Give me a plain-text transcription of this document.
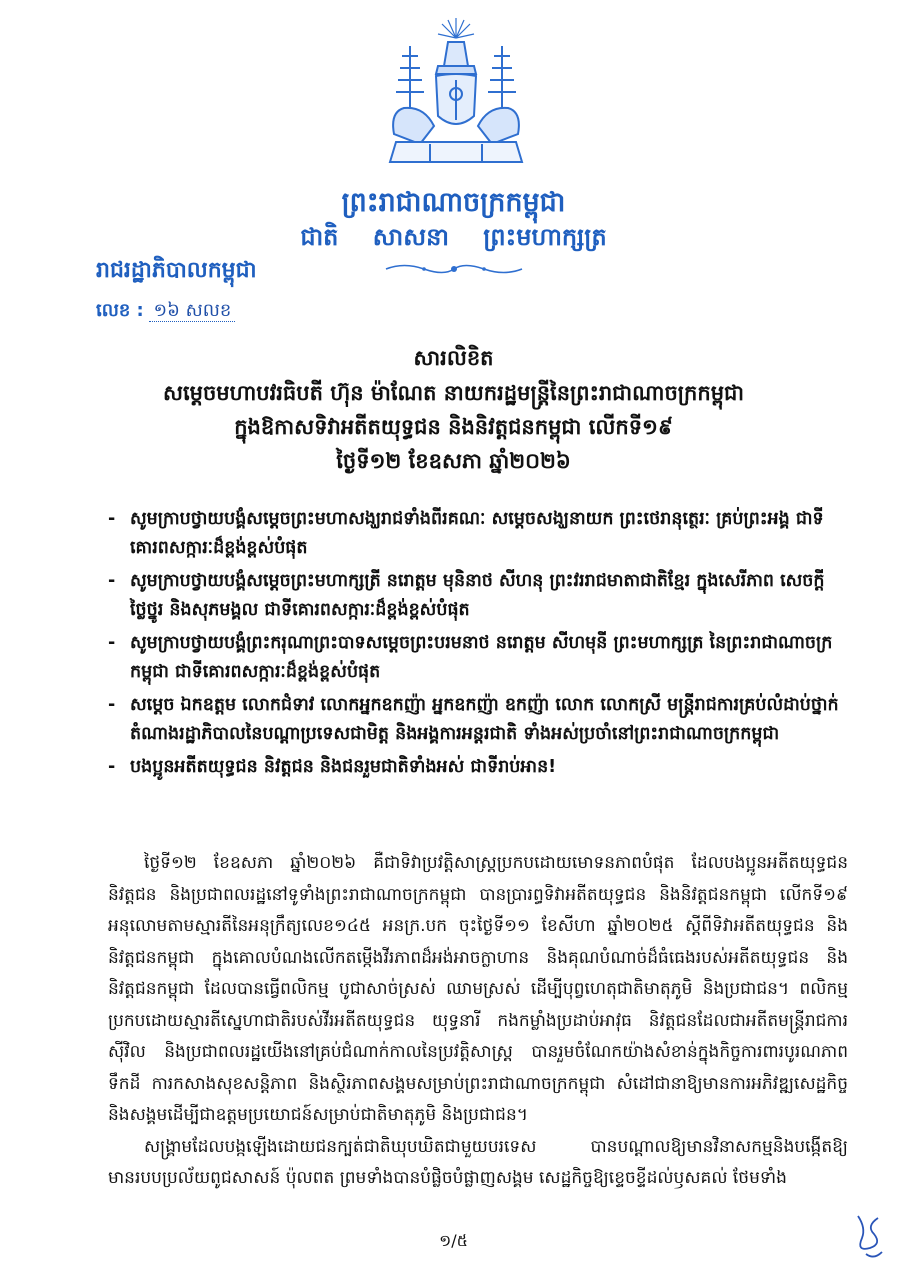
ព្រះរាជាណាចក្រកម្ពុជា
ជាតិ សាសនា ព្រះមហាក្សត្រ
រាជរដ្ឋាភិបាលកម្ពុជា
លេខ : ១៦ សលខ
សារលិខិត
សម្តេចមហាបវរធិបតី ហ៊ុន ម៉ាណែត នាយករដ្ឋមន្ត្រីនៃព្រះរាជាណាចក្រកម្ពុជា
ក្នុងឱកាសទិវាអតីតយុទ្ធជន និងនិវត្តជនកម្ពុជា លើកទី១៩
ថ្ងៃទី១២ ខែឧសភា ឆ្នាំ២០២៦
- សូមក្រាបថ្វាយបង្គំសម្តេចព្រះមហាសង្ឃរាជទាំងពីរគណៈ សម្តេចសង្ឃនាយក ព្រះថេរានុត្ថេរៈ គ្រប់ព្រះអង្គ ជាទីគោរពសក្ការៈដ៏ខ្ពង់ខ្ពស់បំផុត
- សូមក្រាបថ្វាយបង្គំសម្តេចព្រះមហាក្សត្រី នរោត្តម មុនិនាថ សីហនុ ព្រះវររាជមាតាជាតិខ្មែរ ក្នុងសេរីភាព សេចក្តីថ្លៃថ្នូរ និងសុភមង្គល ជាទីគោរពសក្ការៈដ៏ខ្ពង់ខ្ពស់បំផុត
- សូមក្រាបថ្វាយបង្គំព្រះករុណាព្រះបាទសម្តេចព្រះបរមនាថ នរោត្តម សីហមុនី ព្រះមហាក្សត្រ នៃព្រះរាជាណាចក្រកម្ពុជា ជាទីគោរពសក្ការៈដ៏ខ្ពង់ខ្ពស់បំផុត
- សម្តេច ឯកឧត្តម លោកជំទាវ លោកអ្នកឧកញ៉ា អ្នកឧកញ៉ា ឧកញ៉ា លោក លោកស្រី មន្ត្រីរាជការគ្រប់លំដាប់ថ្នាក់ តំណាងរដ្ឋាភិបាលនៃបណ្តាប្រទេសជាមិត្ត និងអង្គការអន្តរជាតិ ទាំងអស់ប្រចាំនៅព្រះរាជាណាចក្រកម្ពុជា
- បងប្អូនអតីតយុទ្ធជន និវត្តជន និងជនរួមជាតិទាំងអស់ ជាទីរាប់អាន!

ថ្ងៃទី១២ ខែឧសភា ឆ្នាំ២០២៦ គឺជាទិវាប្រវត្តិសាស្ត្រប្រកបដោយមោទនភាពបំផុត ដែលបងប្អូនអតីតយុទ្ធជន និវត្តជន និងប្រជាពលរដ្ឋនៅទូទាំងព្រះរាជាណាចក្រកម្ពុជា បានប្រារព្ធទិវាអតីតយុទ្ធជន និងនិវត្តជនកម្ពុជា លើកទី១៩ អនុលោមតាមស្មារតីនៃអនុក្រឹត្យលេខ១៤៥ អនក្រ.បក ចុះថ្ងៃទី១១ ខែសីហា ឆ្នាំ២០២៥ ស្តីពីទិវាអតីតយុទ្ធជន និងនិវត្តជនកម្ពុជា ក្នុងគោលបំណងលើកតម្កើងវីរភាពដ៏អង់អាចក្លាហាន និងគុណបំណាច់ដ៏ធំធេងរបស់អតីតយុទ្ធជន និងនិវត្តជនកម្ពុជា ដែលបានធ្វើពលិកម្ម បូជាសាច់ស្រស់ ឈាមស្រស់ ដើម្បីបុព្វហេតុជាតិមាតុភូមិ និងប្រជាជន។ ពលិកម្មប្រកបដោយស្មារតីស្នេហាជាតិរបស់វីរអតីតយុទ្ធជន យុទ្ធនារី កងកម្លាំងប្រដាប់អាវុធ និវត្តជនដែលជាអតីតមន្ត្រីរាជការស៊ីវិល និងប្រជាពលរដ្ឋយើងនៅគ្រប់ជំណាក់កាលនៃប្រវត្តិសាស្ត្រ បានរួមចំណែកយ៉ាងសំខាន់ក្នុងកិច្ចការពារបូរណភាពទឹកដី ការកសាងសុខសន្តិភាព និងស្ថិរភាពសង្គមសម្រាប់ព្រះរាជាណាចក្រកម្ពុជា សំដៅជានាឱ្យមានការអភិវឌ្ឍសេដ្ឋកិច្ចនិងសង្គមដើម្បីជាឧត្តមប្រយោជន៍សម្រាប់ជាតិមាតុភូមិ និងប្រជាជន។

សង្គ្រាមដែលបង្កឡើងដោយជនក្បត់ជាតិឃុបឃិតជាមួយបរទេស បានបណ្តាលឱ្យមានវិនាសកម្មនិងបង្កើតឱ្យមានរបបប្រល័យពូជសាសន៍ ប៉ុលពត ព្រមទាំងបានបំផ្លិចបំផ្លាញសង្គម សេដ្ឋកិច្ចឱ្យខ្ទេចខ្ទីដល់ឫសគល់ ថែមទាំង

១/៥
